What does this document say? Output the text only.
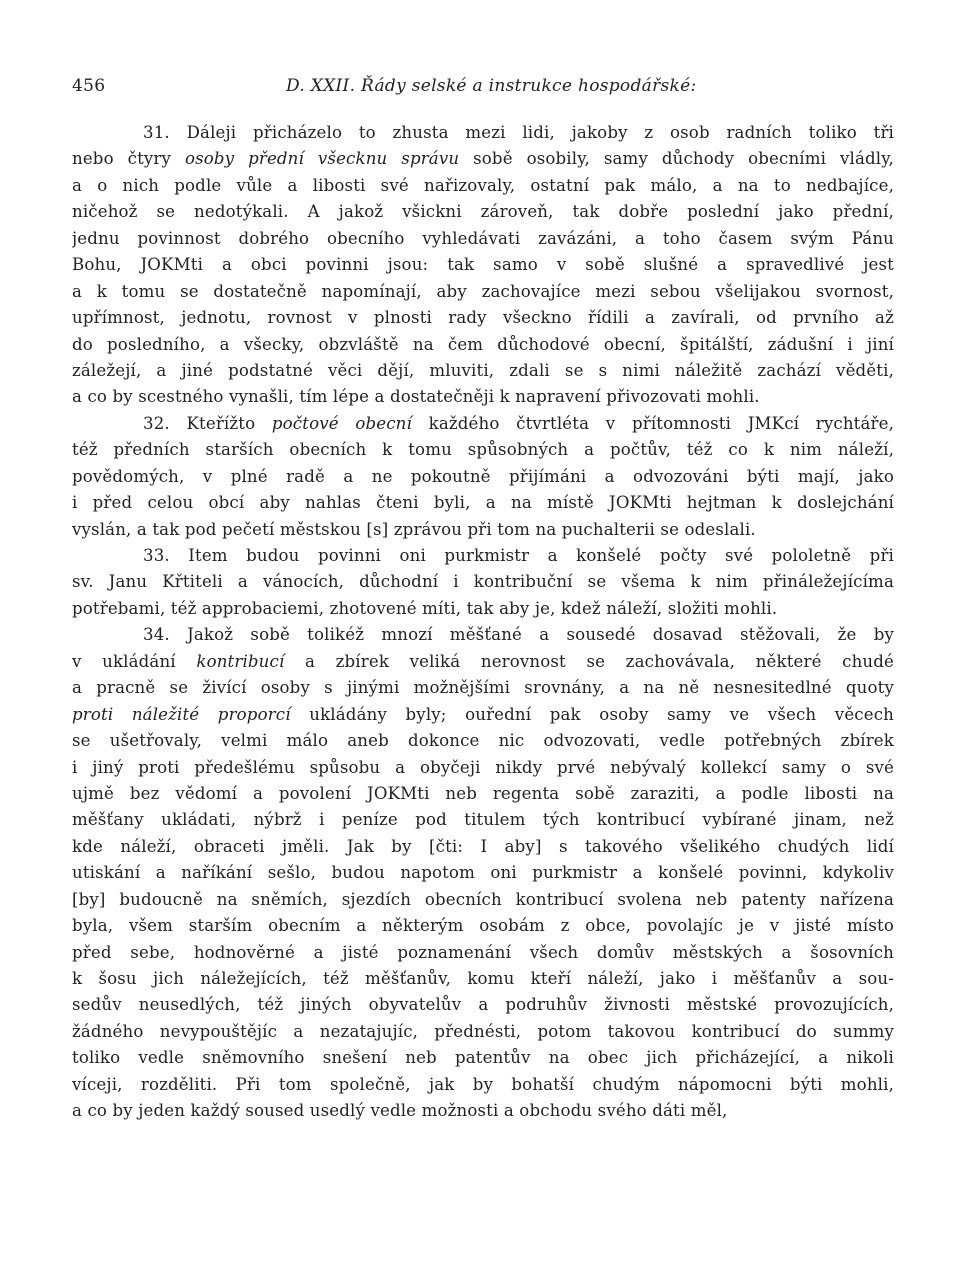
456	D. XXII. Řády selské a instrukce hospodářské:
31. Dáleji přicházelo to zhusta mezi lidi, jakoby z osob radních toliko tři
nebo čtyry osoby přední všecknu správu sobě osobily, samy důchody obecními vládly,
a o nich podle vůle a libosti své nařizovaly, ostatní pak málo, a na to nedbajíce,
ničehož se nedotýkali. A jakož všickni zároveň, tak dobře poslední jako přední,
jednu povinnost dobrého obecního vyhledávati zavázáni, a toho časem svým Pánu
Bohu, JOKMti a obci povinni jsou: tak samo v sobě slušné a spravedlivé jest
a k tomu se dostatečně napomínají, aby zachovajíce mezi sebou všelijakou svornost,
upřímnost, jednotu, rovnost v plnosti rady všeckno řídili a zavírali, od prvního až
do posledního, a všecky, obzvláště na čem důchodové obecní, špitálští, zádušní i jiní
záležejí, a jiné podstatné věci dějí, mluviti, zdali se s nimi náležitě zachází věděti,
a co by scestného vynašli, tím lépe a dostatečněji k napravení přivozovati mohli.
32. Kteřížto počtové obecní každého čtvrtléta v přítomnosti JMKcí rychtáře,
též předních starších obecních k tomu spůsobných a počtův, též co k nim náleží,
povědomých, v plné radě a ne pokoutně přijímáni a odvozováni býti mají, jako
i před celou obcí aby nahlas čteni byli, a na místě JOKMti hejtman k doslejchání
vyslán, a tak pod pečetí městskou [s] zprávou při tom na puchalterii se odeslali.
33. Item budou povinni oni purkmistr a konšelé počty své pololetně při
sv. Janu Křtiteli a vánocích, důchodní i kontribuční se všema k nim přináležejícíma
potřebami, též approbaciemi, zhotovené míti, tak aby je, kdež náleží, složiti mohli.
34. Jakož sobě tolikéž mnozí měšťané a sousedé dosavad stěžovali, že by
v ukládání kontribucí a zbírek veliká nerovnost se zachovávala, některé chudé
a pracně se živící osoby s jinými možnějšími srovnány, a na ně nesnesitedlné quoty
proti náležité proporcí ukládány byly; ouřední pak osoby samy ve všech věcech
se ušetřovaly, velmi málo aneb dokonce nic odvozovati, vedle potřebných zbírek
i jiný proti předešlému spůsobu a obyčeji nikdy prvé nebývalý kollekcí samy o své
ujmě bez vědomí a povolení JOKMti neb regenta sobě zaraziti, a podle libosti na
měšťany ukládati, nýbrž i peníze pod titulem tých kontribucí vybírané jinam, než
kde náleží, obraceti jměli. Jak by [čti: I aby] s takového všelikého chudých lidí
utiskání a naříkání sešlo, budou napotom oni purkmistr a konšelé povinni, kdykoliv
[by] budoucně na sněmích, sjezdích obecních kontribucí svolena neb patenty nařízena
byla, všem starším obecním a některým osobám z obce, povolajíc je v jisté místo
před sebe, hodnověrné a jisté poznamenání všech domův městských a šosovních
k šosu jich náležejících, též měšťanův, komu kteří náleží, jako i měšťanův a sou-
sedův neusedlých, též jiných obyvatelův a podruhův živnosti městské provozujících,
žádného nevypouštějíc a nezatajujíc, přednésti, potom takovou kontribucí do summy
toliko vedle sněmovního snešení neb patentův na obec jich přicházející, a nikoli
víceji, rozděliti. Při tom společně, jak by bohatší chudým nápomocni býti mohli,
a co by jeden každý soused usedlý vedle možnosti a obchodu svého dáti měl,
